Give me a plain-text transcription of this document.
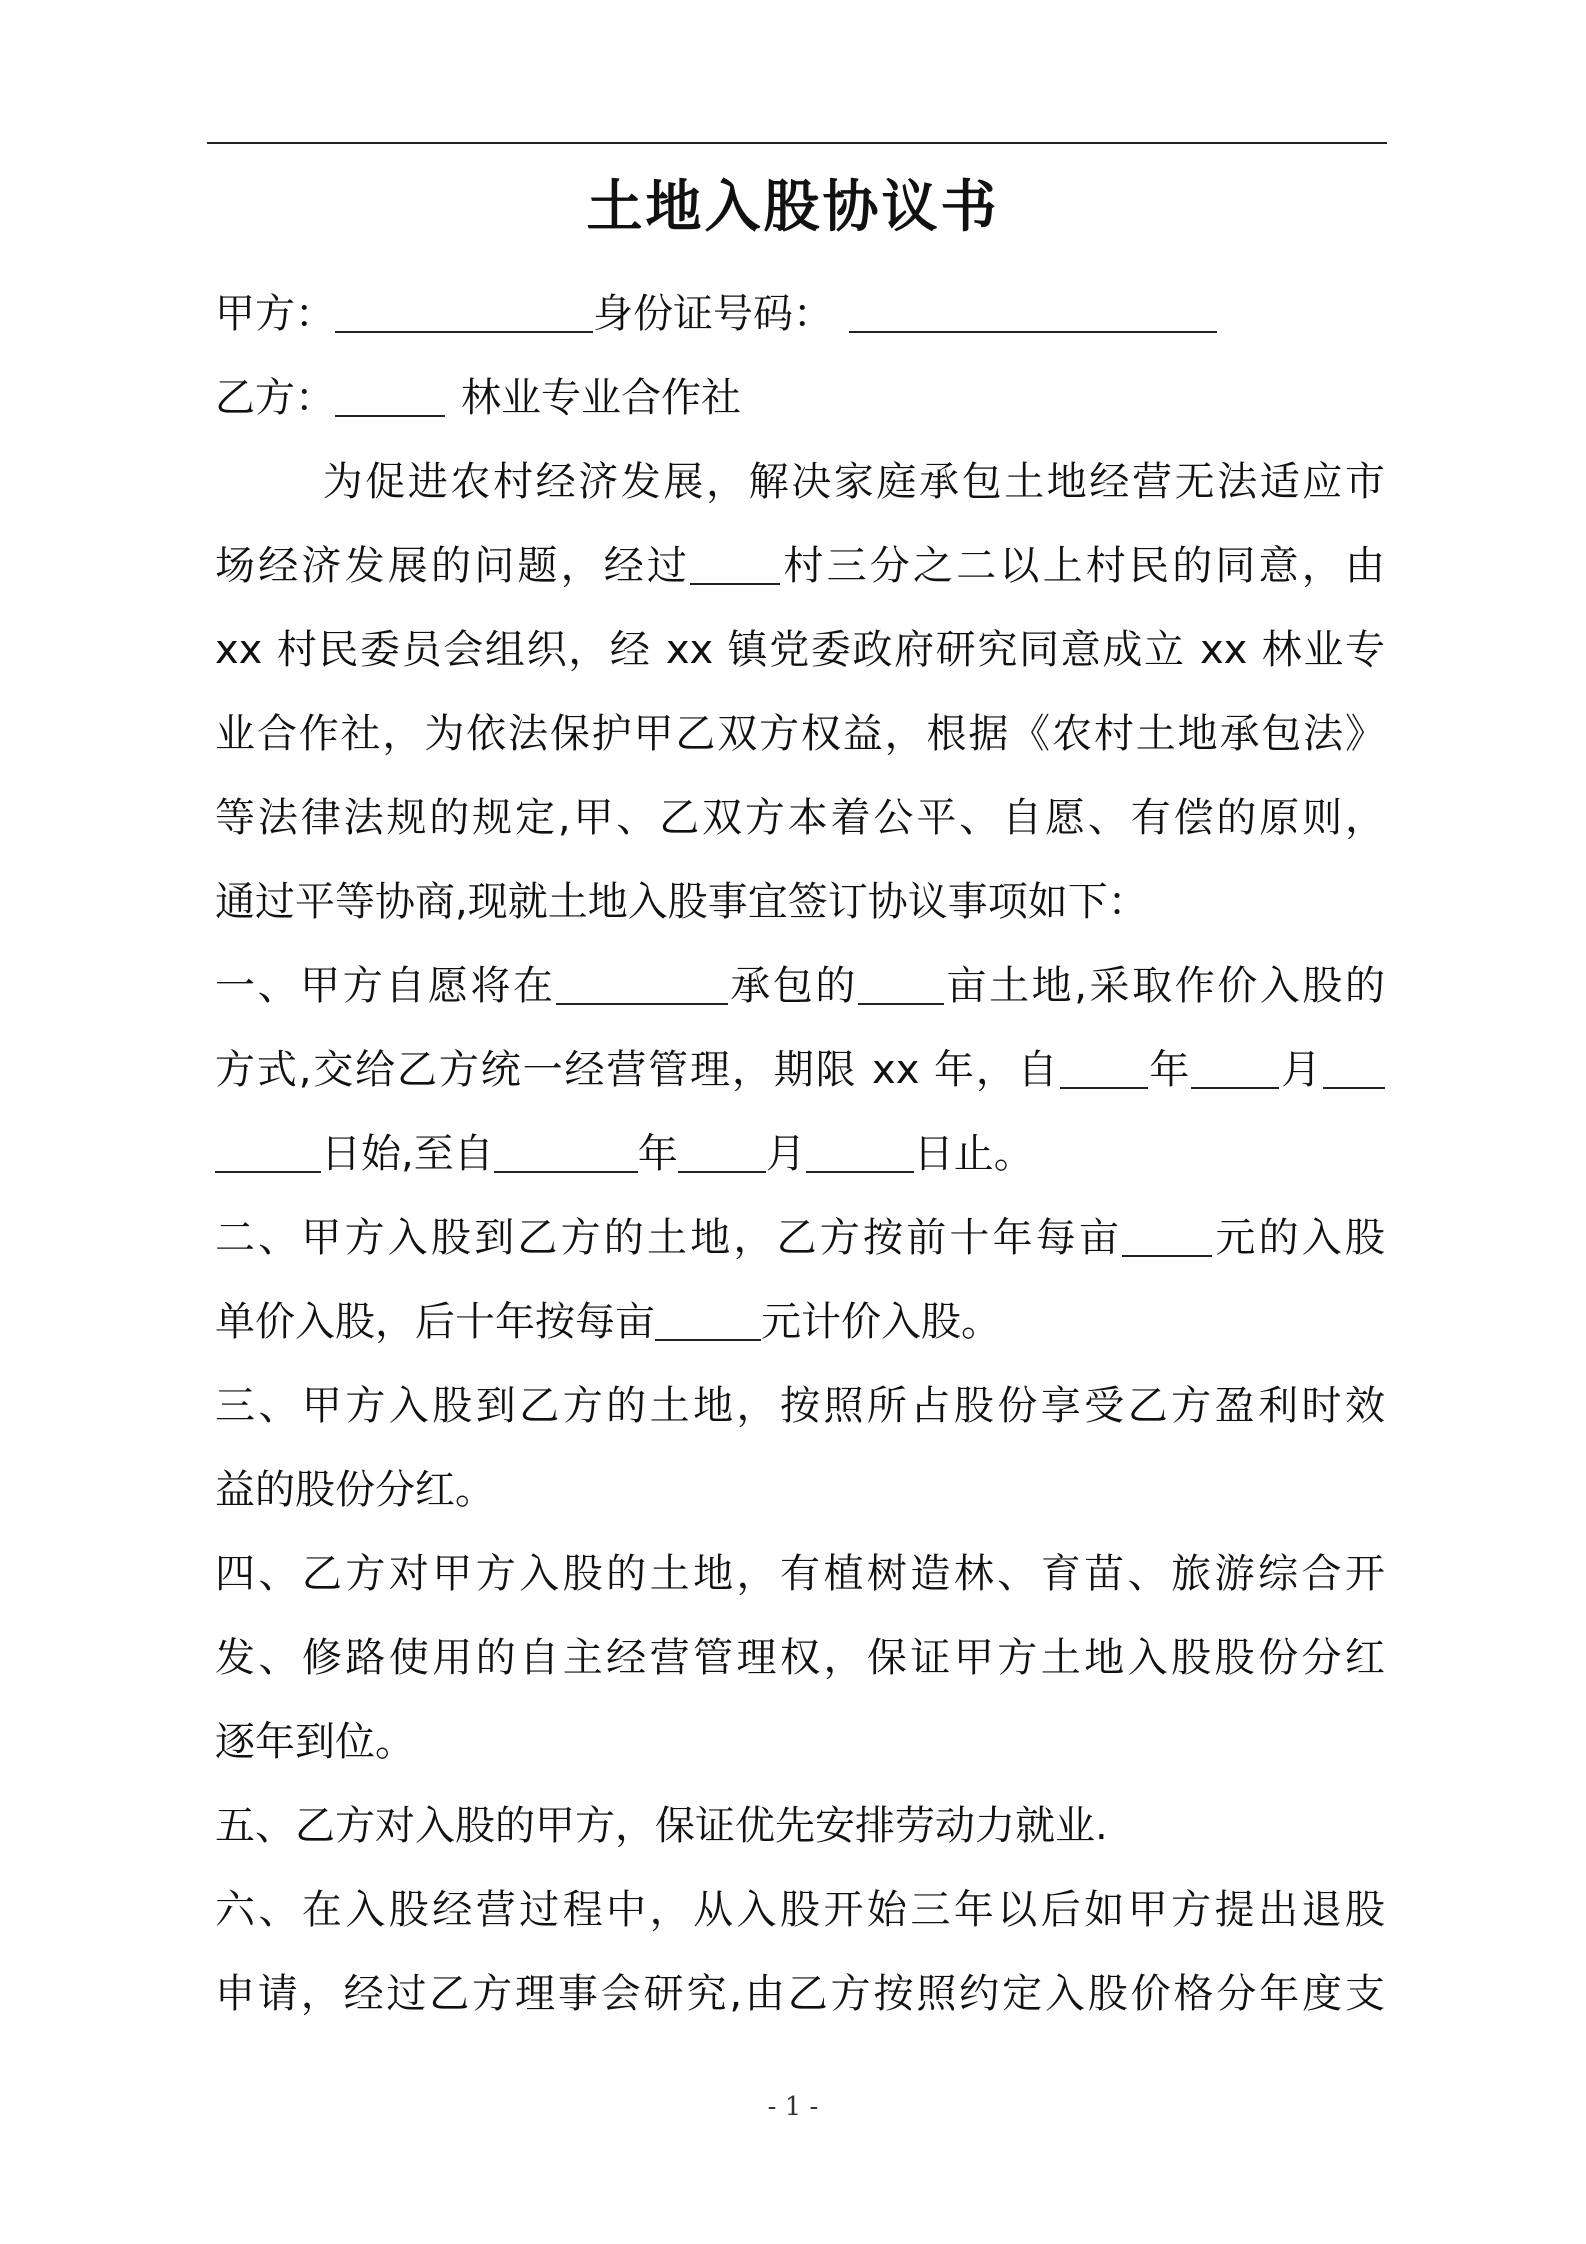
土地入股协议书
甲方：	身份证号码：
乙方：	林业专业合作社
为促进农村经济发展，解决家庭承包土地经营无法适应市
场经济发展的问题，经过 村三分之二以上村民的同意，由
xx 村民委员会组织，经 xx 镇党委政府研究同意成立 xx 林业专
业合作社，为依法保护甲乙双方权益，根据《农村土地承包法》
等法律法规的规定,甲、乙双方本着公平、自愿、有偿的原则，
通过平等协商,现就土地入股事宜签订协议事项如下：
一、甲方自愿将在	承包的 亩土地,采取作价入股的
方式,交给乙方统一经营管理，期限 xx 年，自 年 月
日始,至自	年 月	日止。
二、甲方入股到乙方的土地，乙方按前十年每亩 元的入股
单价入股，后十年按每亩	元计价入股。
三、甲方入股到乙方的土地，按照所占股份享受乙方盈利时效
益的股份分红。
四、乙方对甲方入股的土地，有植树造林、育苗、旅游综合开
发、修路使用的自主经营管理权，保证甲方土地入股股份分红
逐年到位。
五、乙方对入股的甲方，保证优先安排劳动力就业.
六、在入股经营过程中，从入股开始三年以后如甲方提出退股
申请，经过乙方理事会研究,由乙方按照约定入股价格分年度支
- 1 -
